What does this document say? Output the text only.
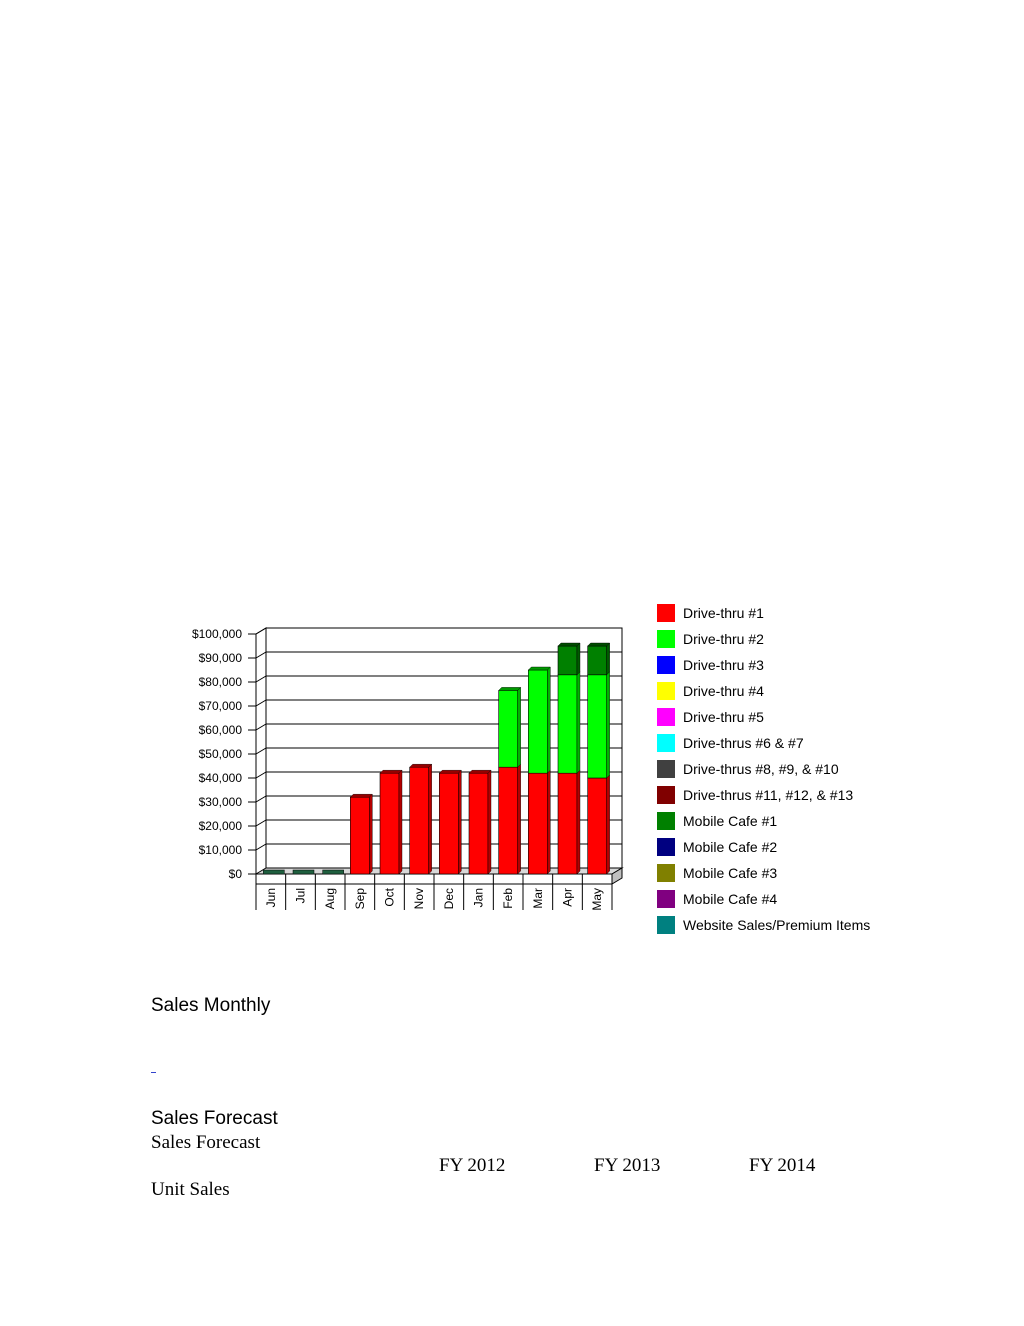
$0
$10,000
$20,000
$30,000
$40,000
$50,000
$60,000
$70,000
$80,000
$90,000
$100,000
Jun Jul Aug Sep Oct Nov Dec Jan Feb Mar Apr May
Drive-thru #1
Drive-thru #2
Drive-thru #3
Drive-thru #4
Drive-thru #5
Drive-thrus #6 & #7
Drive-thrus #8, #9, & #10
Drive-thrus #11, #12, & #13
Mobile Cafe #1
Mobile Cafe #2
Mobile Cafe #3
Mobile Cafe #4
Website Sales/Premium Items
Sales Monthly
Sales Forecast
Sales Forecast
FY 2012	FY 2013	FY 2014
Unit Sales
